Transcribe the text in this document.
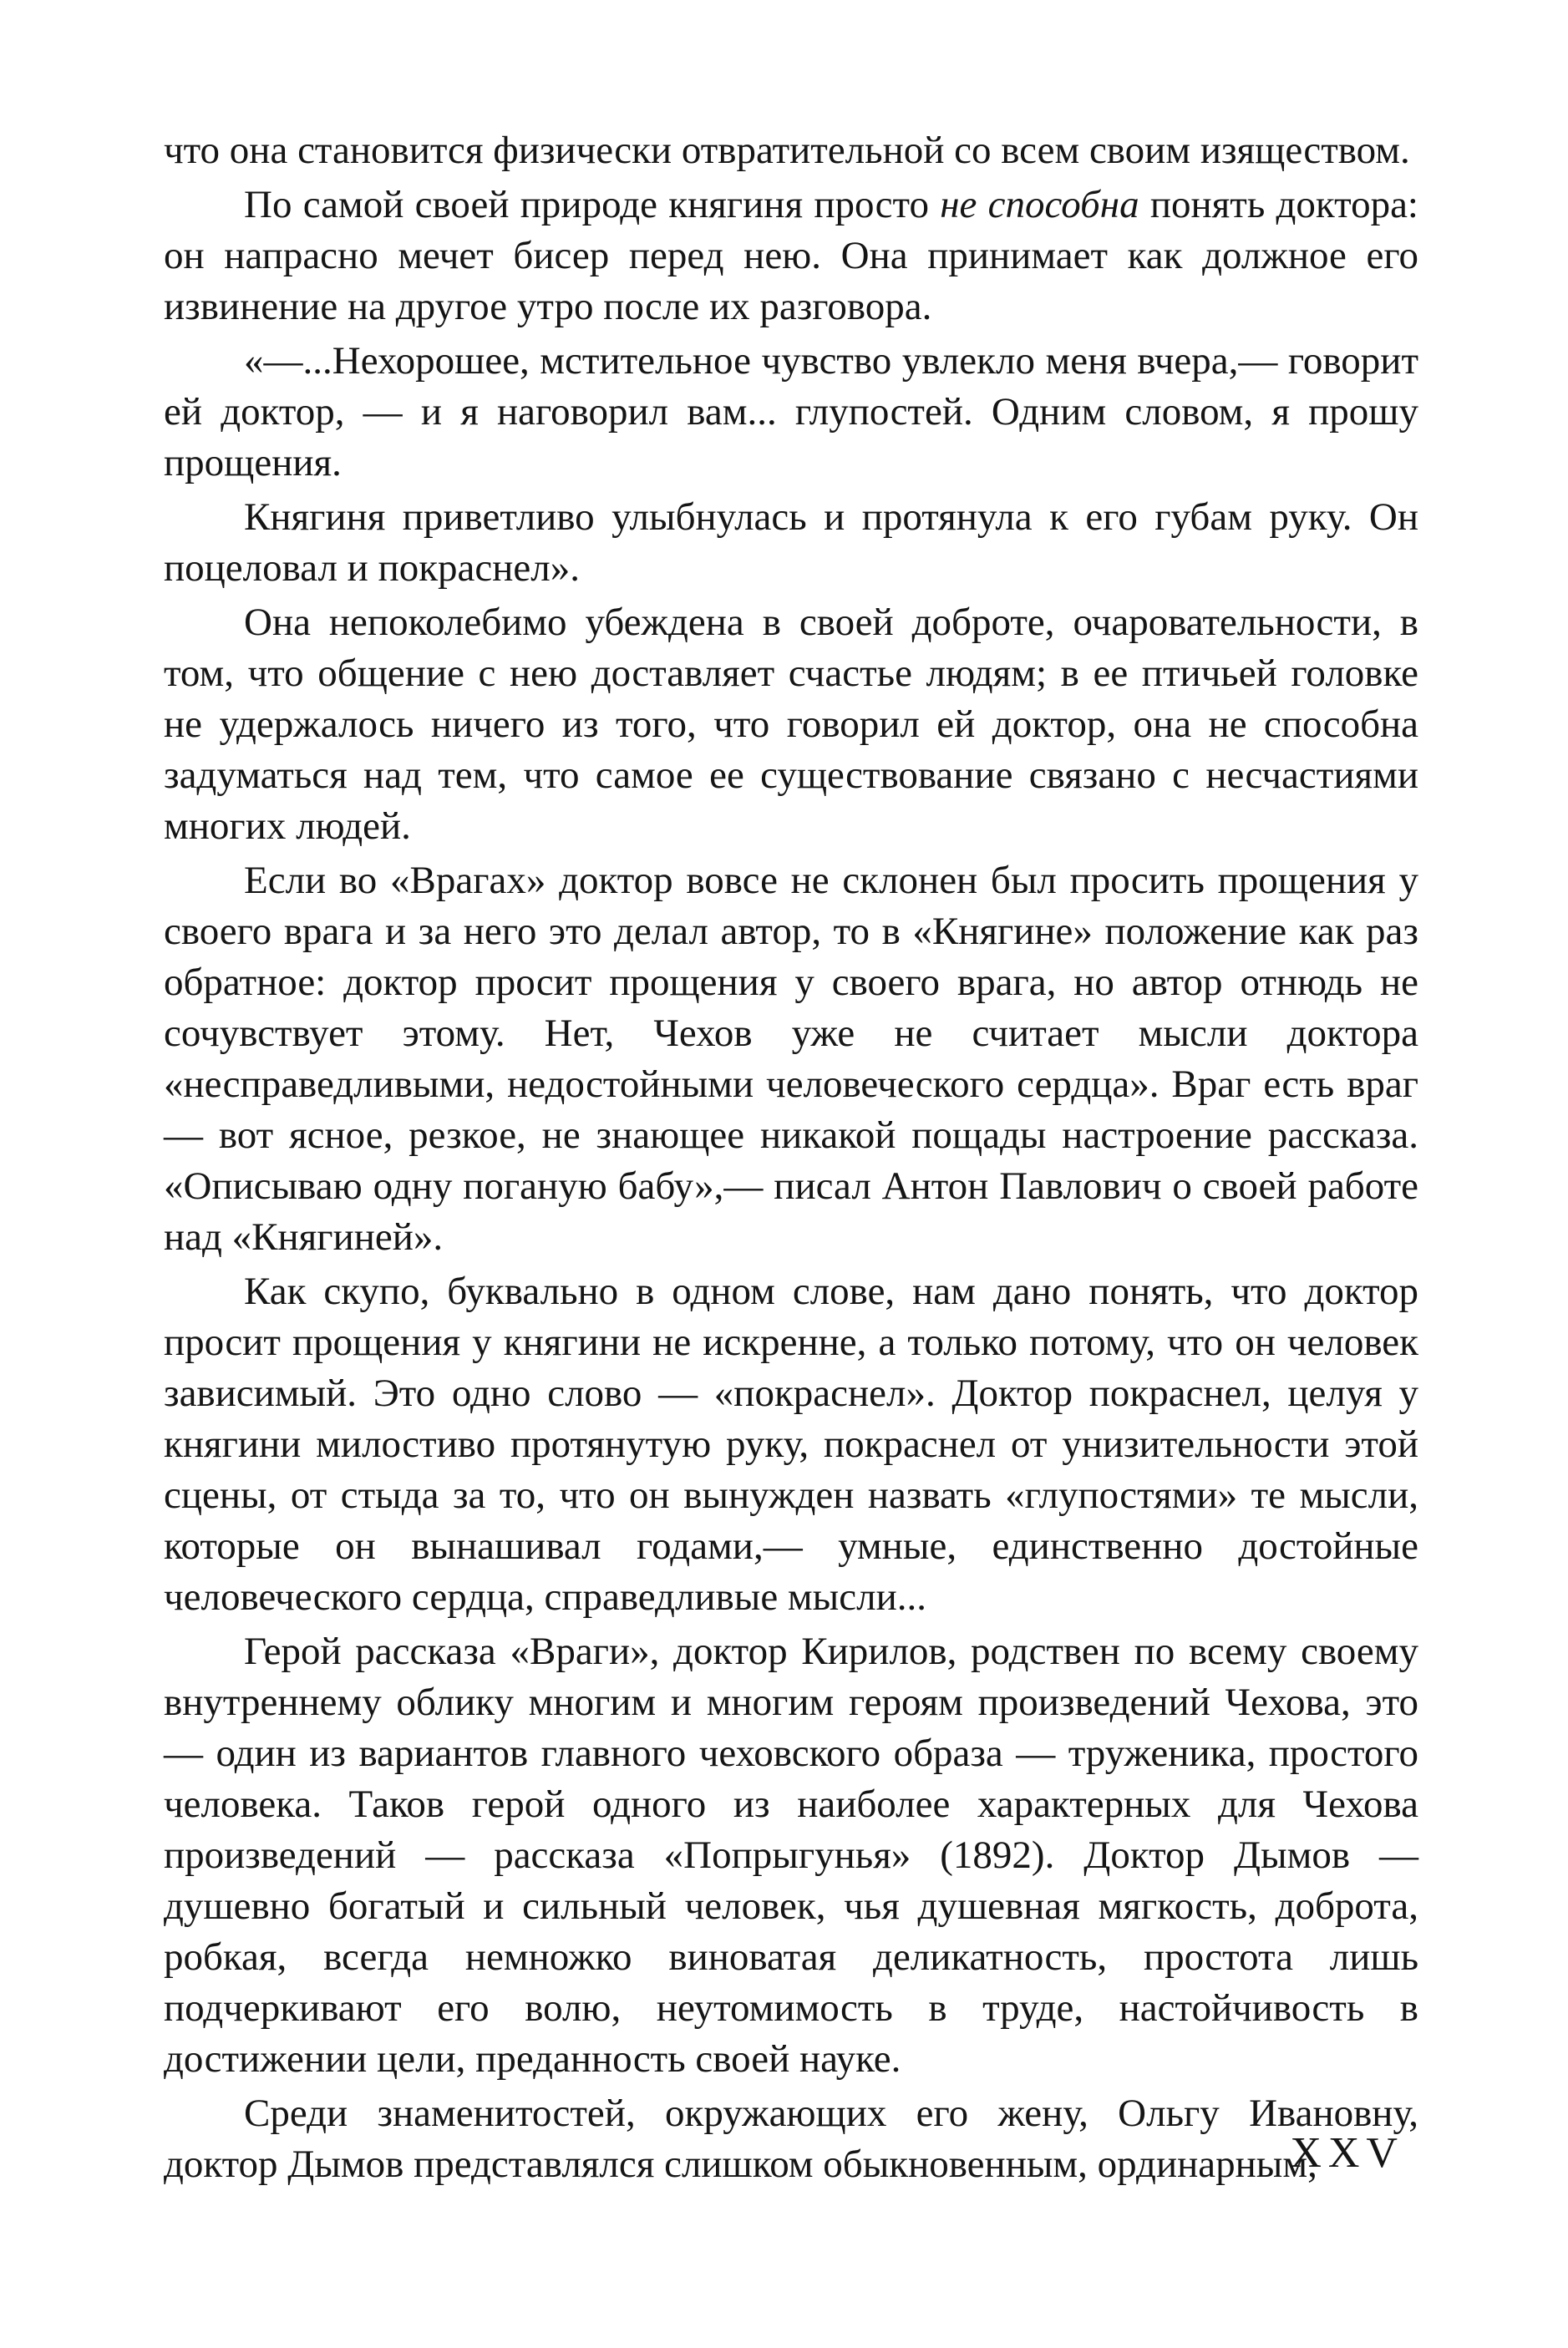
что она становится физически отвратительной со всем своим изяществом.

По самой своей природе княгиня просто не способна понять доктора: он напрасно мечет бисер перед нею. Она принимает как должное его извинение на другое утро после их разговора.

«—...Нехорошее, мстительное чувство увлекло меня вчера,— говорит ей доктор, — и я наговорил вам... глупостей. Одним словом, я прошу прощения.

Княгиня приветливо улыбнулась и протянула к его губам руку. Он поцеловал и покраснел».

Она непоколебимо убеждена в своей доброте, очаровательности, в том, что общение с нею доставляет счастье людям; в ее птичьей головке не удержалось ничего из того, что говорил ей доктор, она не способна задуматься над тем, что самое ее существование связано с несчастиями многих людей.

Если во «Врагах» доктор вовсе не склонен был просить прощения у своего врага и за него это делал автор, то в «Княгине» положение как раз обратное: доктор просит прощения у своего врага, но автор отнюдь не сочувствует этому. Нет, Чехов уже не считает мысли доктора «несправедливыми, недостойными человеческого сердца». Враг есть враг — вот ясное, резкое, не знающее никакой пощады настроение рассказа. «Описываю одну поганую бабу»,— писал Антон Павлович о своей работе над «Княгиней».

Как скупо, буквально в одном слове, нам дано понять, что доктор просит прощения у княгини не искренне, а только потому, что он человек зависимый. Это одно слово — «покраснел». Доктор покраснел, целуя у княгини милостиво протянутую руку, покраснел от унизительности этой сцены, от стыда за то, что он вынужден назвать «глупостями» те мысли, которые он вынашивал годами,— умные, единственно достойные человеческого сердца, справедливые мысли...

Герой рассказа «Враги», доктор Кирилов, родствен по всему своему внутреннему облику многим и многим героям произведений Чехова, это — один из вариантов главного чеховского образа — труженика, простого человека. Таков герой одного из наиболее характерных для Чехова произведений — рассказа «Попрыгунья» (1892). Доктор Дымов — душевно богатый и сильный человек, чья душевная мягкость, доброта, робкая, всегда немножко виноватая деликатность, простота лишь подчеркивают его волю, неутомимость в труде, настойчивость в достижении цели, преданность своей науке.

Среди знаменитостей, окружающих его жену, Ольгу Ивановну, доктор Дымов представлялся слишком обыкновенным, ординарным,

XXV
